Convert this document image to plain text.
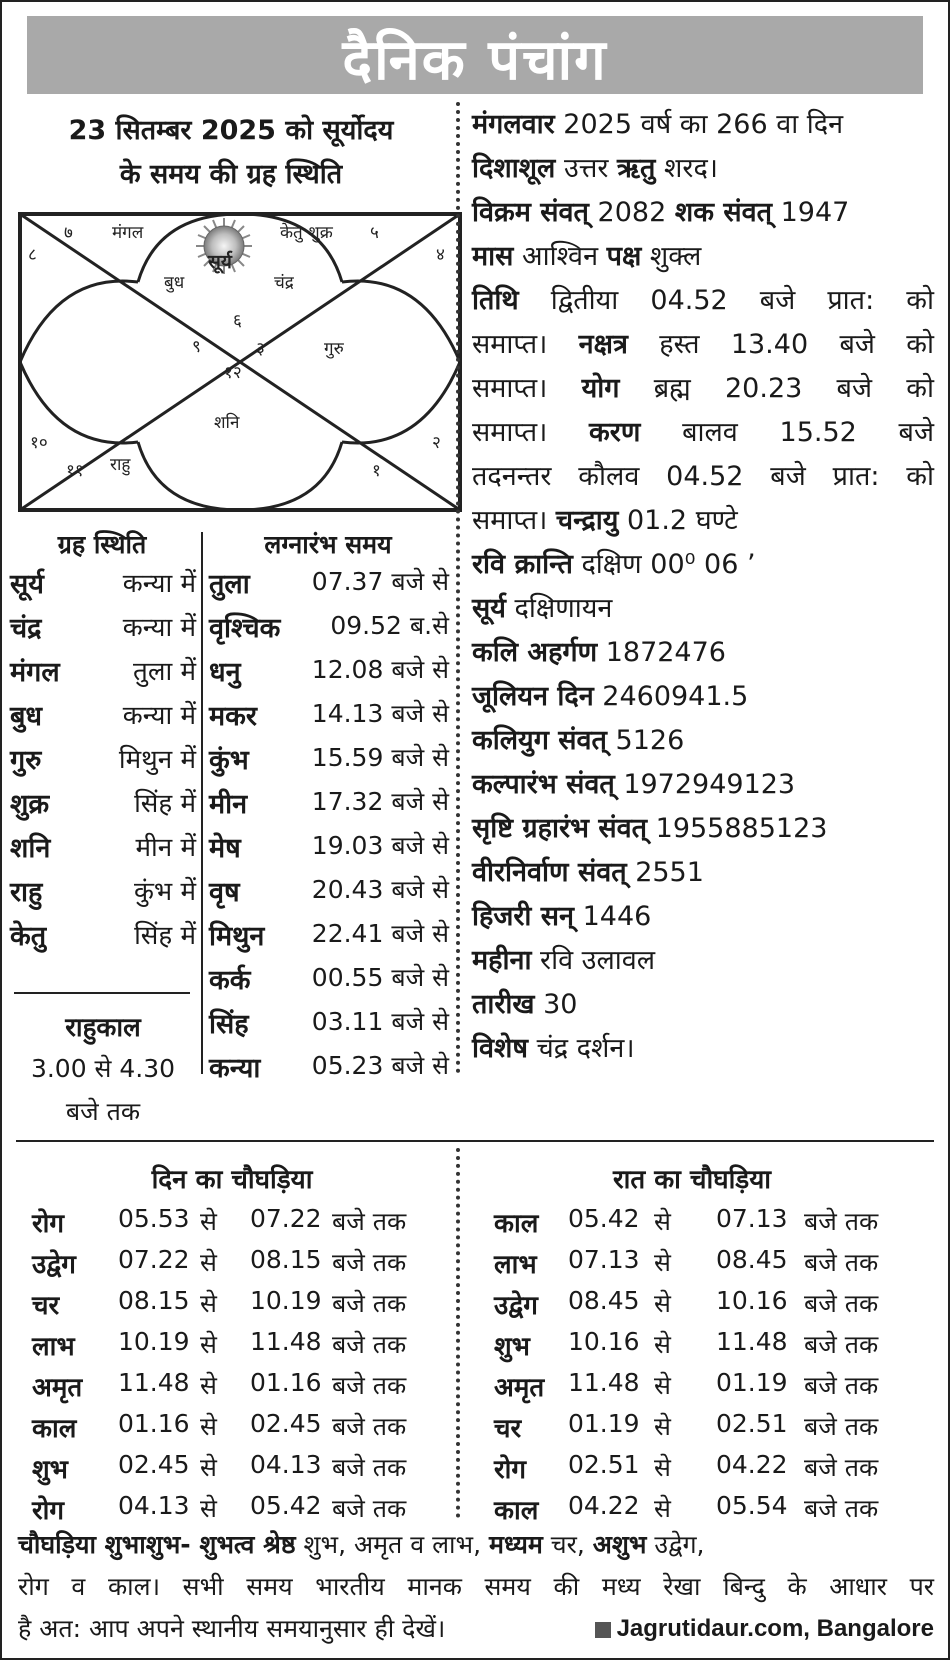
दैनिक पंचांग
23 सितम्बर 2025 को सूर्योदय
के समय की ग्रह स्थिति
७ मंगल	केतु शुक्र ५
८	४
बुध
सूर्य
चंद्र
६
९	३	गुरु
१२
शनि
१०	२
११ राहु	१
मंगलवार 2025 वर्ष का 266 वा दिन
दिशाशूल उत्तर ऋतु शरद।
विक्रम संवत् 2082 शक संवत् 1947
मास आश्विन पक्ष शुक्ल
तिथि द्वितीया 04.52 बजे प्रात: को
समाप्त। नक्षत्र हस्त 13.40 बजे को
समाप्त। योग ब्रह्म 20.23 बजे को
समाप्त। करण बालव 15.52 बजे
तदनन्तर कौलव 04.52 बजे प्रात: को
समाप्त। चन्द्रायु 01.2 घण्टे
रवि क्रान्ति दक्षिण 00⁰ 06 ’
सूर्य दक्षिणायन
कलि अहर्गण 1872476
जूलियन दिन 2460941.5
कलियुग संवत् 5126
कल्पारंभ संवत् 1972949123
सृष्टि ग्रहारंभ संवत् 1955885123
वीरनिर्वाण संवत् 2551
हिजरी सन् 1446
महीना रवि उलावल
तारीख 30
विशेष चंद्र दर्शन।
ग्रह स्थिति
सूर्य	कन्या में
चंद्र	कन्या में
मंगल	तुला में
बुध	कन्या में
गुरु	मिथुन में
शुक्र	सिंह में
शनि	मीन में
राहु	कुंभ में
केतु	सिंह में
राहुकाल
3.00 से 4.30
बजे तक
लग्नारंभ समय
तुला 07.37 बजे से
वृश्चिक 09.52 ब.से
धनु	12.08 बजे से
मकर 14.13 बजे से
कुंभ	15.59 बजे से
मीन	17.32 बजे से
मेष	19.03 बजे से
वृष	20.43 बजे से
मिथुन 22.41 बजे से
कर्क 00.55 बजे से
सिंह	03.11 बजे से
कन्या 05.23 बजे से
दिन का चौघड़िया	रात का चौघड़िया
रोग 05.53 से 07.22 बजे तक
उद्वेग 07.22 से 08.15 बजे तक
चर 08.15 से 10.19 बजे तक
लाभ 10.19 से 11.48 बजे तक
अमृत 11.48 से 01.16 बजे तक
काल 01.16 से 02.45 बजे तक
शुभ 02.45 से 04.13 बजे तक
रोग 04.13 से 05.42 बजे तक
काल 05.42 से 07.13 बजे तक
लाभ 07.13 से 08.45 बजे तक
उद्वेग 08.45 से 10.16 बजे तक
शुभ 10.16 से 11.48 बजे तक
अमृत 11.48 से 01.19 बजे तक
चर 01.19 से 02.51 बजे तक
रोग 02.51 से 04.22 बजे तक
काल 04.22 से 05.54 बजे तक
चौघड़िया शुभाशुभ- शुभत्व श्रेष्ठ शुभ, अमृत व लाभ, मध्यम चर, अशुभ उद्वेग,
रोग व काल। सभी समय भारतीय मानक समय की मध्य रेखा बिन्दु के आधार पर
है अत: आप अपने स्थानीय समयानुसार ही देखें।	Jagrutidaur.com, Bangalore
